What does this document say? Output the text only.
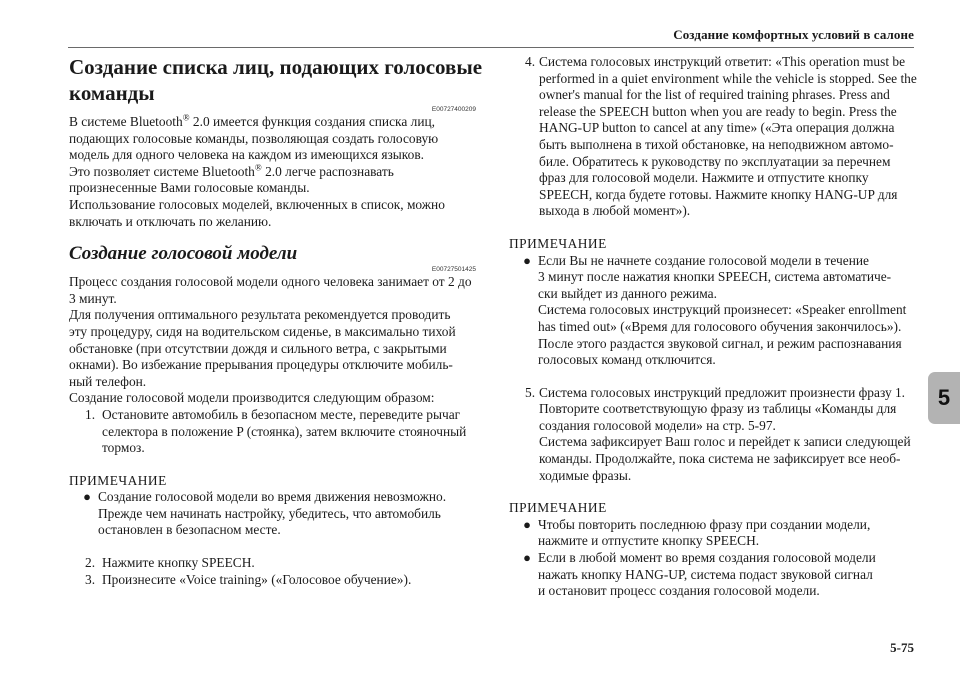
Создание комфортных условий в салоне
Создание списка лиц, подающих голосовые
команды
E00727400209

В системе Bluetooth® 2.0 имеется функция создания списка лиц,

подающих голосовые команды, позволяющая создать голосовую

модель для одного человека на каждом из имеющихся языков.

Это позволяет системе Bluetooth® 2.0 легче распознавать

произнесенные Вами голосовые команды.

Использование голосовых моделей, включенных в список, можно

включать и отключать по желанию.

Создание голосовой модели
E00727501425

Процесс создания голосовой модели одного человека занимает от 2 до

3 минут.

Для получения оптимального результата рекомендуется проводить

эту процедуру, сидя на водительском сиденье, в максимально тихой

обстановке (при отсутствии дождя и сильного ветра, с закрытыми

окнами). Во избежание прерывания процедуры отключите мобиль-

ный телефон.

Создание голосовой модели производится следующим образом:

1. Остановите автомобиль в безопасном месте, переведите рычаг

селектора в положение P (стоянка), затем включите стояночный

тормоз.

ПРИМЕЧАНИЕ

●

Создание голосовой модели во время движения невозможно.

Прежде чем начинать настройку, убедитесь, что автомобиль

остановлен в безопасном месте.

2. Нажмите кнопку SPEECH.

3. Произнесите «Voice training» («Голосовое обучение»).

4. Система голосовых инструкций ответит: «This operation must be

performed in a quiet environment while the vehicle is stopped. See the

owner's manual for the list of required training phrases. Press and

release the SPEECH button when you are ready to begin. Press the

HANG-UP button to cancel at any time» («Эта операция должна

быть выполнена в тихой обстановке, на неподвижном автомо-

биле. Обратитесь к руководству по эксплуатации за перечнем

фраз для голосовой модели. Нажмите и отпустите кнопку

SPEECH, когда будете готовы. Нажмите кнопку HANG-UP для

выхода в любой момент»).

ПРИМЕЧАНИЕ

●

Если Вы не начнете создание голосовой модели в течение

3 минут после нажатия кнопки SPEECH, система автоматиче-

ски выйдет из данного режима.

Система голосовых инструкций произнесет: «Speaker enrollment

has timed out» («Время для голосового обучения закончилось»).

После этого раздастся звуковой сигнал, и режим распознавания

голосовых команд отключится.

5. Система голосовых инструкций предложит произнести фразу 1.

Повторите соответствующую фразу из таблицы «Команды для

создания голосовой модели» на стр. 5-97.

Система зафиксирует Ваш голос и перейдет к записи следующей

команды. Продолжайте, пока система не зафиксирует все необ-

ходимые фразы.

ПРИМЕЧАНИЕ

●

Чтобы повторить последнюю фразу при создании модели,

нажмите и отпустите кнопку SPEECH.

●

Если в любой момент во время создания голосовой модели

нажать кнопку HANG-UP, система подаст звуковой сигнал

и остановит процесс создания голосовой модели.

5
5-75
